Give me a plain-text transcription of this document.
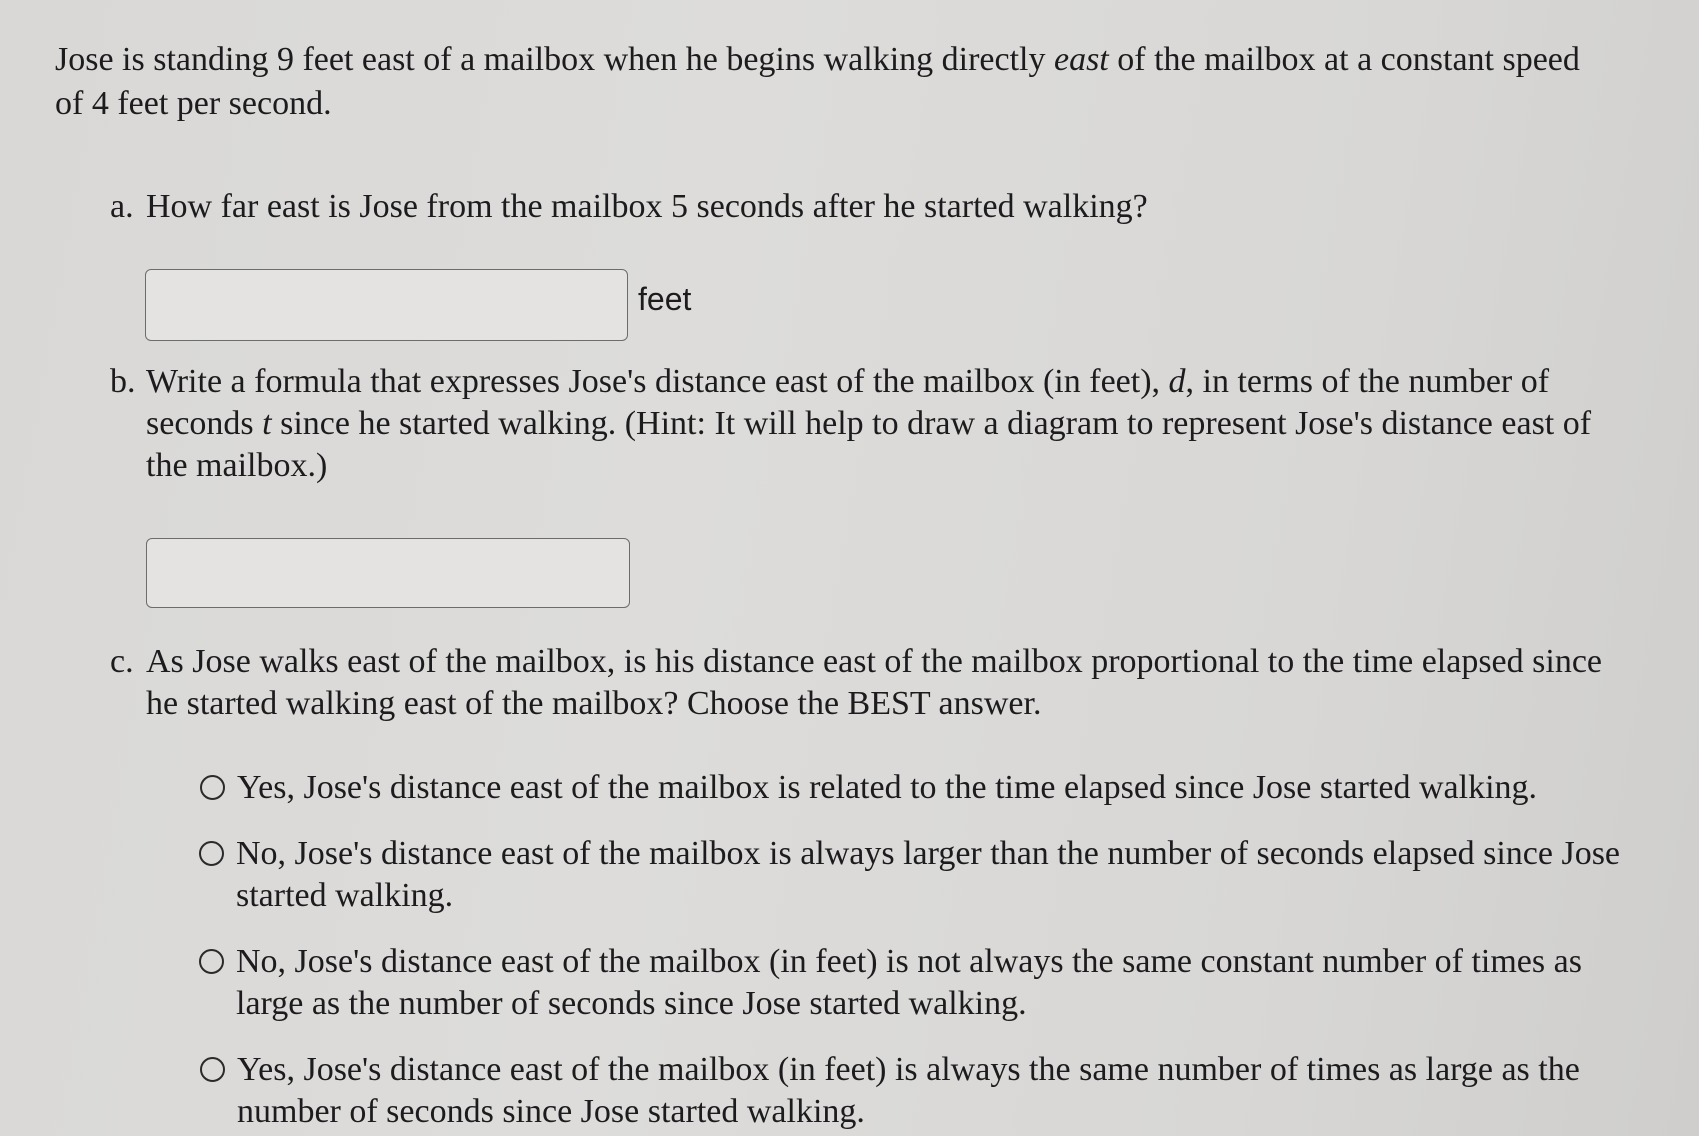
Jose is standing 9 feet east of a mailbox when he begins walking directly east of the mailbox at a constant speed of 4 feet per second.
a. How far east is Jose from the mailbox 5 seconds after he started walking?
feet
b. Write a formula that expresses Jose's distance east of the mailbox (in feet), d, in terms of the number of seconds t since he started walking. (Hint: It will help to draw a diagram to represent Jose's distance east of the mailbox.)
c. As Jose walks east of the mailbox, is his distance east of the mailbox proportional to the time elapsed since he started walking east of the mailbox? Choose the BEST answer.
Yes, Jose's distance east of the mailbox is related to the time elapsed since Jose started walking.
No, Jose's distance east of the mailbox is always larger than the number of seconds elapsed since Jose started walking.
No, Jose's distance east of the mailbox (in feet) is not always the same constant number of times as large as the number of seconds since Jose started walking.
Yes, Jose's distance east of the mailbox (in feet) is always the same number of times as large as the number of seconds since Jose started walking.
